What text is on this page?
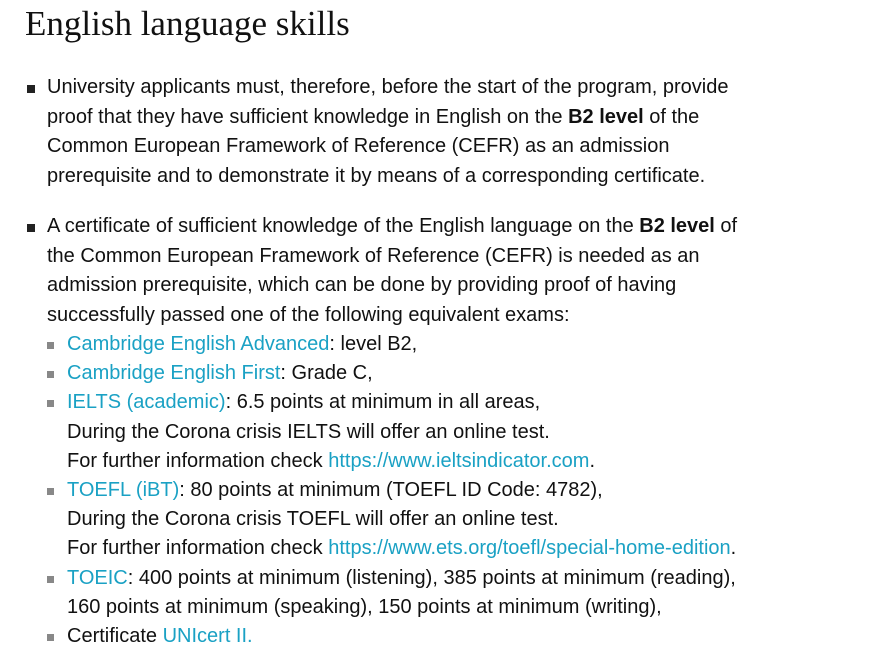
English language skills
University applicants must, therefore, before the start of the program, provide
proof that they have sufficient knowledge in English on the B2 level of the
Common European Framework of Reference (CEFR) as an admission
prerequisite and to demonstrate it by means of a corresponding certificate.
A certificate of sufficient knowledge of the English language on the B2 level of
the Common European Framework of Reference (CEFR) is needed as an
admission prerequisite, which can be done by providing proof of having
successfully passed one of the following equivalent exams:
Cambridge English Advanced: level B2,
Cambridge English First: Grade C,
IELTS (academic): 6.5 points at minimum in all areas,
During the Corona crisis IELTS will offer an online test.
For further information check https://www.ieltsindicator.com.
TOEFL (iBT): 80 points at minimum (TOEFL ID Code: 4782),
During the Corona crisis TOEFL will offer an online test.
For further information check https://www.ets.org/toefl/special-home-edition.
TOEIC: 400 points at minimum (listening), 385 points at minimum (reading),
160 points at minimum (speaking), 150 points at minimum (writing),
Certificate UNIcert II.
